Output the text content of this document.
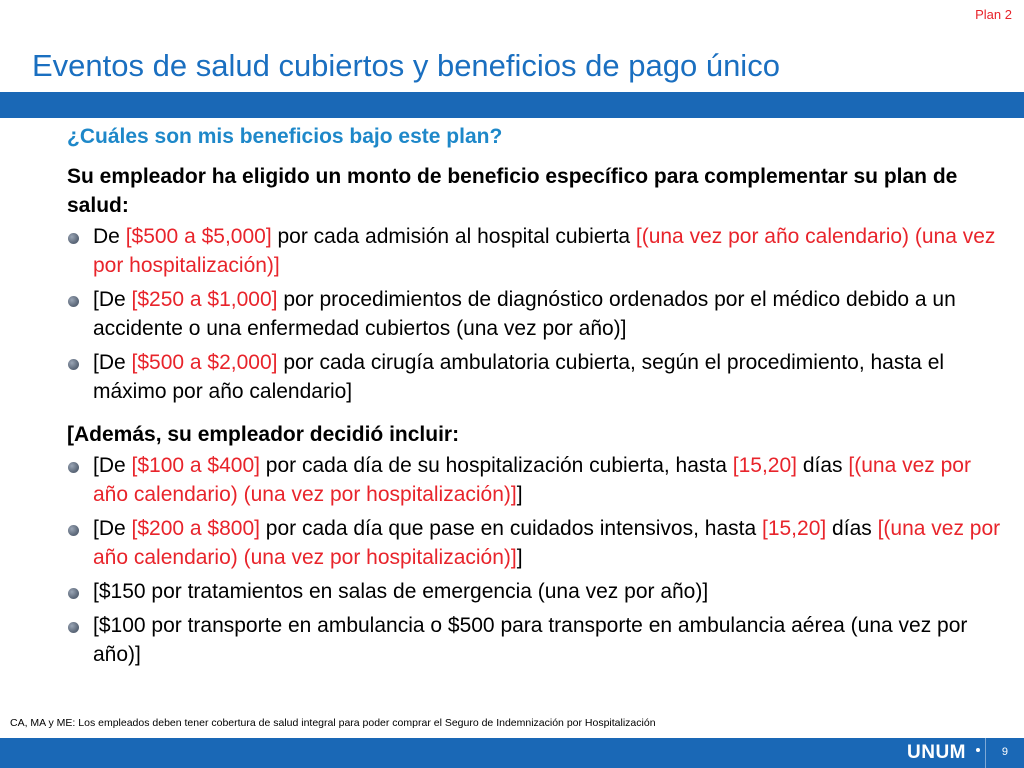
Plan 2
Eventos de salud cubiertos y beneficios de pago único

¿Cuáles son mis beneficios bajo este plan?

Su empleador ha eligido un monto de beneficio específico para complementar su plan de salud:

De [$500 a $5,000] por cada admisión al hospital cubierta [(una vez por año calendario) (una vez por hospitalización)]
[De [$250 a $1,000] por procedimientos de diagnóstico ordenados por el médico debido a un accidente o una enfermedad cubiertos (una vez por año)]
[De [$500 a $2,000] por cada cirugía ambulatoria cubierta, según el procedimiento, hasta el máximo por año calendario]

[Además, su empleador decidió incluir:

[De [$100 a $400] por cada día de su hospitalización cubierta, hasta [15,20] días [(una vez por año calendario) (una vez por hospitalización)]]
[De [$200 a $800] por cada día que pase en cuidados intensivos, hasta [15,20] días [(una vez por año calendario) (una vez por hospitalización)]]
[$150 por tratamientos en salas de emergencia (una vez por año)]
[$100 por transporte en ambulancia o $500 para transporte en ambulancia aérea (una vez por año)]
CA, MA y ME: Los empleados deben tener cobertura de salud integral para poder comprar el Seguro de Indemnización por Hospitalización
UNUM	9
